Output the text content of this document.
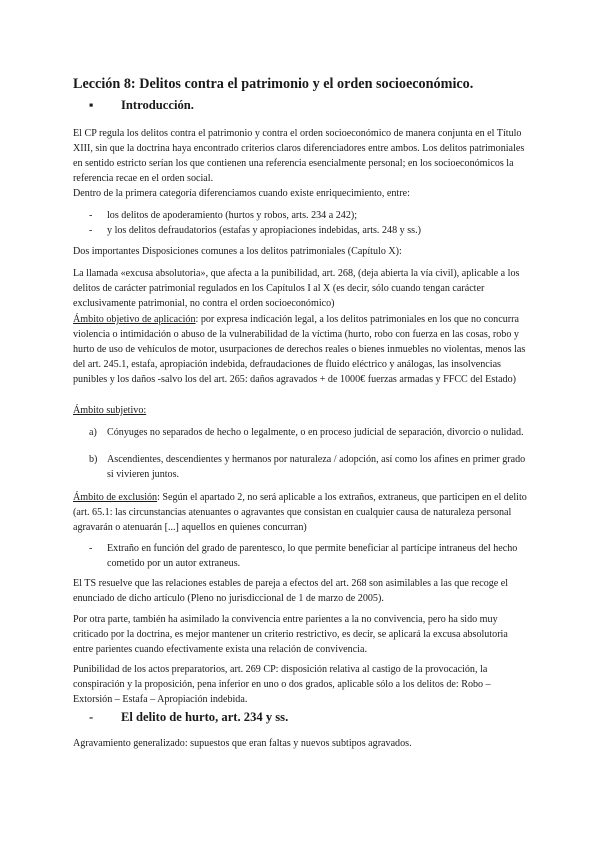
Lección 8: Delitos contra el patrimonio y el orden socioeconómico.
▪ Introducción.

El CP regula los delitos contra el patrimonio y contra el orden socioeconómico de manera conjunta en el Título XIII, sin que la doctrina haya encontrado criterios claros diferenciadores entre ambos. Los delitos patrimoniales en sentido estricto serían los que contienen una referencia esencialmente personal; en los socioeconómicos la referencia recae en el orden social.

Dentro de la primera categoría diferenciamos cuando existe enriquecimiento, entre:

- los delitos de apoderamiento (hurtos y robos, arts. 234 a 242);
- y los delitos defraudatorios (estafas y apropiaciones indebidas, arts. 248 y ss.)

Dos importantes Disposiciones comunes a los delitos patrimoniales (Capítulo X):

La llamada «excusa absolutoria», que afecta a la punibilidad, art. 268, (deja abierta la vía civil), aplicable a los delitos de carácter patrimonial regulados en los Capítulos I al X (es decir, sólo cuando tengan carácter exclusivamente patrimonial, no contra el orden socioeconómico)

Ámbito objetivo de aplicación: por expresa indicación legal, a los delitos patrimoniales en los que no concurra violencia o intimidación o abuso de la vulnerabilidad de la víctima (hurto, robo con fuerza en las cosas, robo y hurto de uso de vehículos de motor, usurpaciones de derechos reales o bienes inmuebles no violentas, menos las del art. 245.1, estafa, apropiación indebida, defraudaciones de fluido eléctrico y análogas, las insolvencias punibles y los daños -salvo los del art. 265: daños agravados + de 1000€ fuerzas armadas y FFCC del Estado)

Ámbito subjetivo:

a) Cónyuges no separados de hecho o legalmente, o en proceso judicial de separación, divorcio o nulidad.
b) Ascendientes, descendientes y hermanos por naturaleza / adopción, así como los afines en primer grado si vivieren juntos.

Ámbito de exclusión: Según el apartado 2, no será aplicable a los extraños, extraneus, que participen en el delito (art. 65.1: las circunstancias atenuantes o agravantes que consistan en cualquier causa de naturaleza personal agravarán o atenuarán [...] aquellos en quienes concurran)

- Extraño en función del grado de parentesco, lo que permite beneficiar al partícipe intraneus del hecho cometido por un autor extraneus.

El TS resuelve que las relaciones estables de pareja a efectos del art. 268 son asimilables a las que recoge el enunciado de dicho artículo (Pleno no jurisdiccional de 1 de marzo de 2005).

Por otra parte, también ha asimilado la convivencia entre parientes a la no convivencia, pero ha sido muy criticado por la doctrina, es mejor mantener un criterio restrictivo, es decir, se aplicará la excusa absolutoria entre parientes cuando efectivamente exista una relación de convivencia.

Punibilidad de los actos preparatorios, art. 269 CP: disposición relativa al castigo de la provocación, la conspiración y la proposición, pena inferior en uno o dos grados, aplicable sólo a los delitos de: Robo – Extorsión – Estafa – Apropiación indebida.

- El delito de hurto, art. 234 y ss.

Agravamiento generalizado: supuestos que eran faltas y nuevos subtipos agravados.
